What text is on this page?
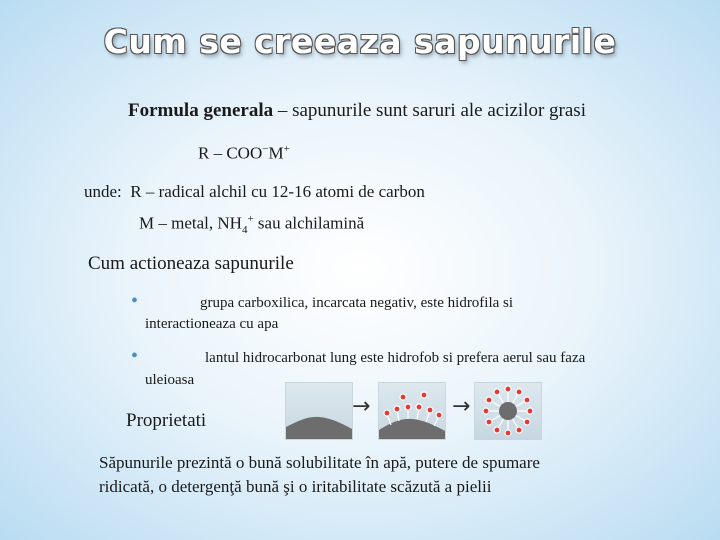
Cum se creeaza sapunurile
Formula generala – sapunurile sunt saruri ale acizilor grasi
R – COO−M+
unde: R – radical alchil cu 12-16 atomi de carbon
M – metal, $NH_4^+$ sau alchilamină
Cum actioneaza sapunurile
•	grupa carboxilica, incarcata negativ, este hidrofila si
interactioneaza cu apa
•	lantul hidrocarbonat lung este hidrofob si prefera aerul sau faza
uleioasa
Proprietati
Săpunurile prezintă o bună solubilitate în apă, putere de spumare
ridicată, o detergenţă bună şi o iritabilitate scăzută a pielii
→	→
